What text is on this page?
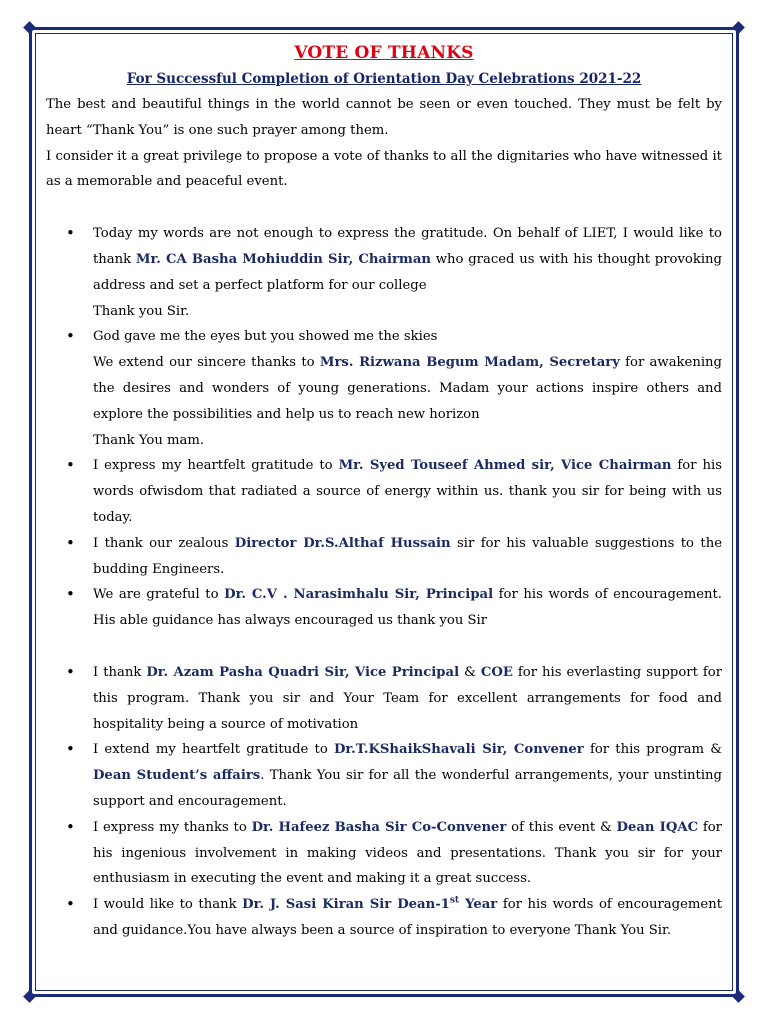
VOTE OF THANKS
For Successful Completion of Orientation Day Celebrations 2021-22

The best and beautiful things in the world cannot be seen or even touched. They must be felt by heart “Thank You” is one such prayer among them.

I consider it a great privilege to propose a vote of thanks to all the dignitaries who have witnessed it as a memorable and peaceful event.

• Today my words are not enough to express the gratitude. On behalf of LIET, I would like to thank Mr. CA Basha Mohiuddin Sir, Chairman who graced us with his thought provoking address and set a perfect platform for our college
Thank you Sir.
• God gave me the eyes but you showed me the skies
We extend our sincere thanks to Mrs. Rizwana Begum Madam, Secretary for awakening the desires and wonders of young generations. Madam your actions inspire others and explore the possibilities and help us to reach new horizon
Thank You mam.
• I express my heartfelt gratitude to Mr. Syed Touseef Ahmed sir, Vice Chairman for his words ofwisdom that radiated a source of energy within us. thank you sir for being with us today.
• I thank our zealous Director Dr.S.Althaf Hussain sir for his valuable suggestions to the budding Engineers.
• We are grateful to Dr. C.V . Narasimhalu Sir, Principal for his words of encouragement. His able guidance has always encouraged us thank you Sir
• I thank Dr. Azam Pasha Quadri Sir, Vice Principal & COE for his everlasting support for this program. Thank you sir and Your Team for excellent arrangements for food and hospitality being a source of motivation
• I extend my heartfelt gratitude to Dr.T.KShaikShavali Sir, Convener for this program & Dean Student’s affairs. Thank You sir for all the wonderful arrangements, your unstinting support and encouragement.
• I express my thanks to Dr. Hafeez Basha Sir Co-Convener of this event & Dean IQAC for his ingenious involvement in making videos and presentations. Thank you sir for your enthusiasm in executing the event and making it a great success.
• I would like to thank Dr. J. Sasi Kiran Sir Dean-1st Year for his words of encouragement and guidance.You have always been a source of inspiration to everyone Thank You Sir.
